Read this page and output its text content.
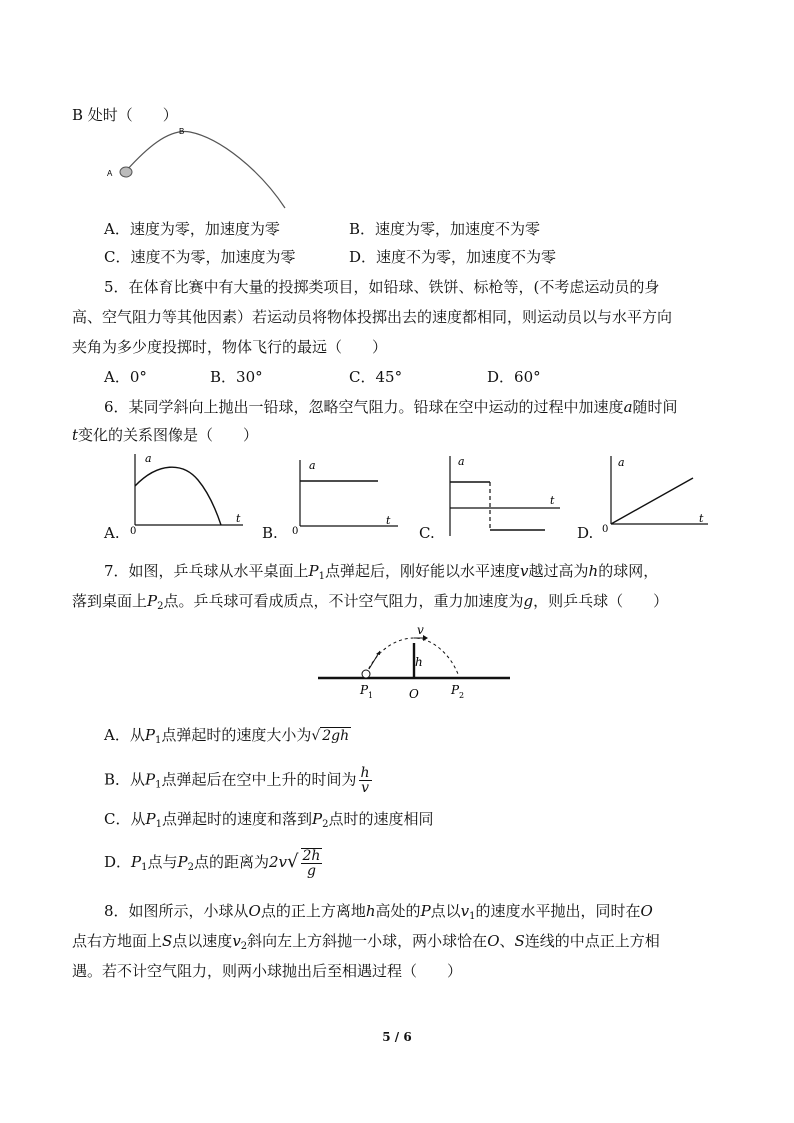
B 处时（　　）
A
B
A．速度为零，加速度为零	B．速度为零，加速度不为零
C．速度不为零，加速度为零	D．速度不为零，加速度不为零
5．在体育比赛中有大量的投掷类项目，如铅球、铁饼、标枪等，(不考虑运动员的身
高、空气阻力等其他因素）若运动员将物体投掷出去的速度都相同，则运动员以与水平方向
夹角为多少度投掷时，物体飞行的最远（　　）
A．0°	B．30°	C．45°	D．60°
6．某同学斜向上抛出一铅球，忽略空气阻力。铅球在空中运动的过程中加速度a随时间
t变化的关系图像是（　　）
A.
a
t
0	B.
a
t
0	C.
a
t
D.
a
t
0
7．如图，乒乓球从水平桌面上$P_1$点弹起后，刚好能以水平速度v越过高为h的球网，
落到桌面上$P_2$点。乒乓球可看成质点，不计空气阻力，重力加速度为g，则乒乓球（　　）
v
h
P 1	O	P 2
A．从$P_1$点弹起时的速度大小为√ 2gh
B．从$P_1$点弹起后在空中上升的时间为 $\frac{h}{v}$
C．从$P_1$点弹起时的速度和落到$P_2$点时的速度相同
D．$P_1$点与$P_2$点的距离为$2v√ \frac{2h}{g}$
8．如图所示，小球从O点的正上方离地h高处的P点以$v_1$的速度水平抛出，同时在O
点右方地面上S点以速度$v_2$斜向左上方斜抛一小球，两小球恰在O、S连线的中点正上方相
遇。若不计空气阻力，则两小球抛出后至相遇过程（　　）
5 / 6
